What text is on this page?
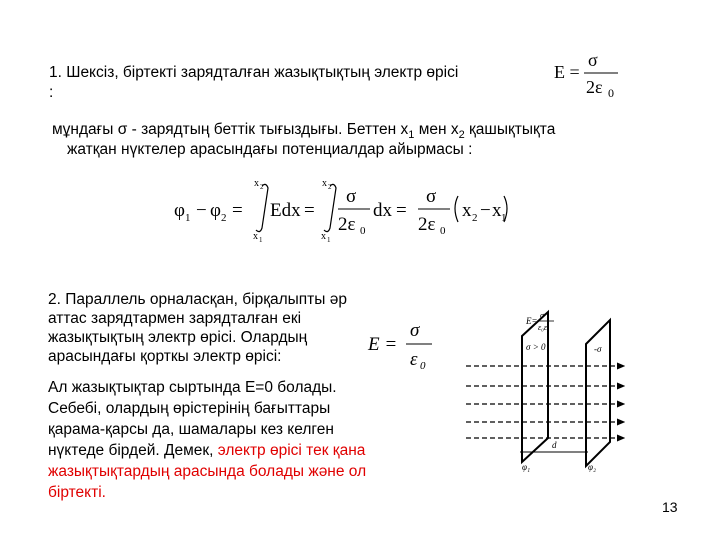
1. Шексіз, біртекті зарядталған жазықтықтың электр өрісі
:
E =
σ
2ε 0
мұндағы σ - зарядтың беттік тығыздығы. Беттен $х_1$ мен $х_2$ қашықтықта
жатқан нүктелер арасындағы потенциалдар айырмасы :
φ 1 − φ 2 =
x 2
x 1
Edx =
x 2
x 1
σ
2ε 0
dx =
σ
2ε 0
x 2 − x 1
2. Параллель орналасқан, бірқалыпты әр
аттас зарядтармен зарядталған екі
жазықтықтың электр өрісі. Олардың
арасындағы қорткы электр өрісі:
E =
σ
ε 0
Ал жазықтықтар сыртында Е=0 болады.
Себебі, олардың өрістерінің бағыттары
қарама-қарсы да, шамалары кез келген
нүктеде бірдей. Демек, электр өрісі тек қана
жазықтықтардың арасында болады және ол
біртекті.
E=
σ
ε₀ε
σ > 0	-σ
d
φ₁	φ₂
13
